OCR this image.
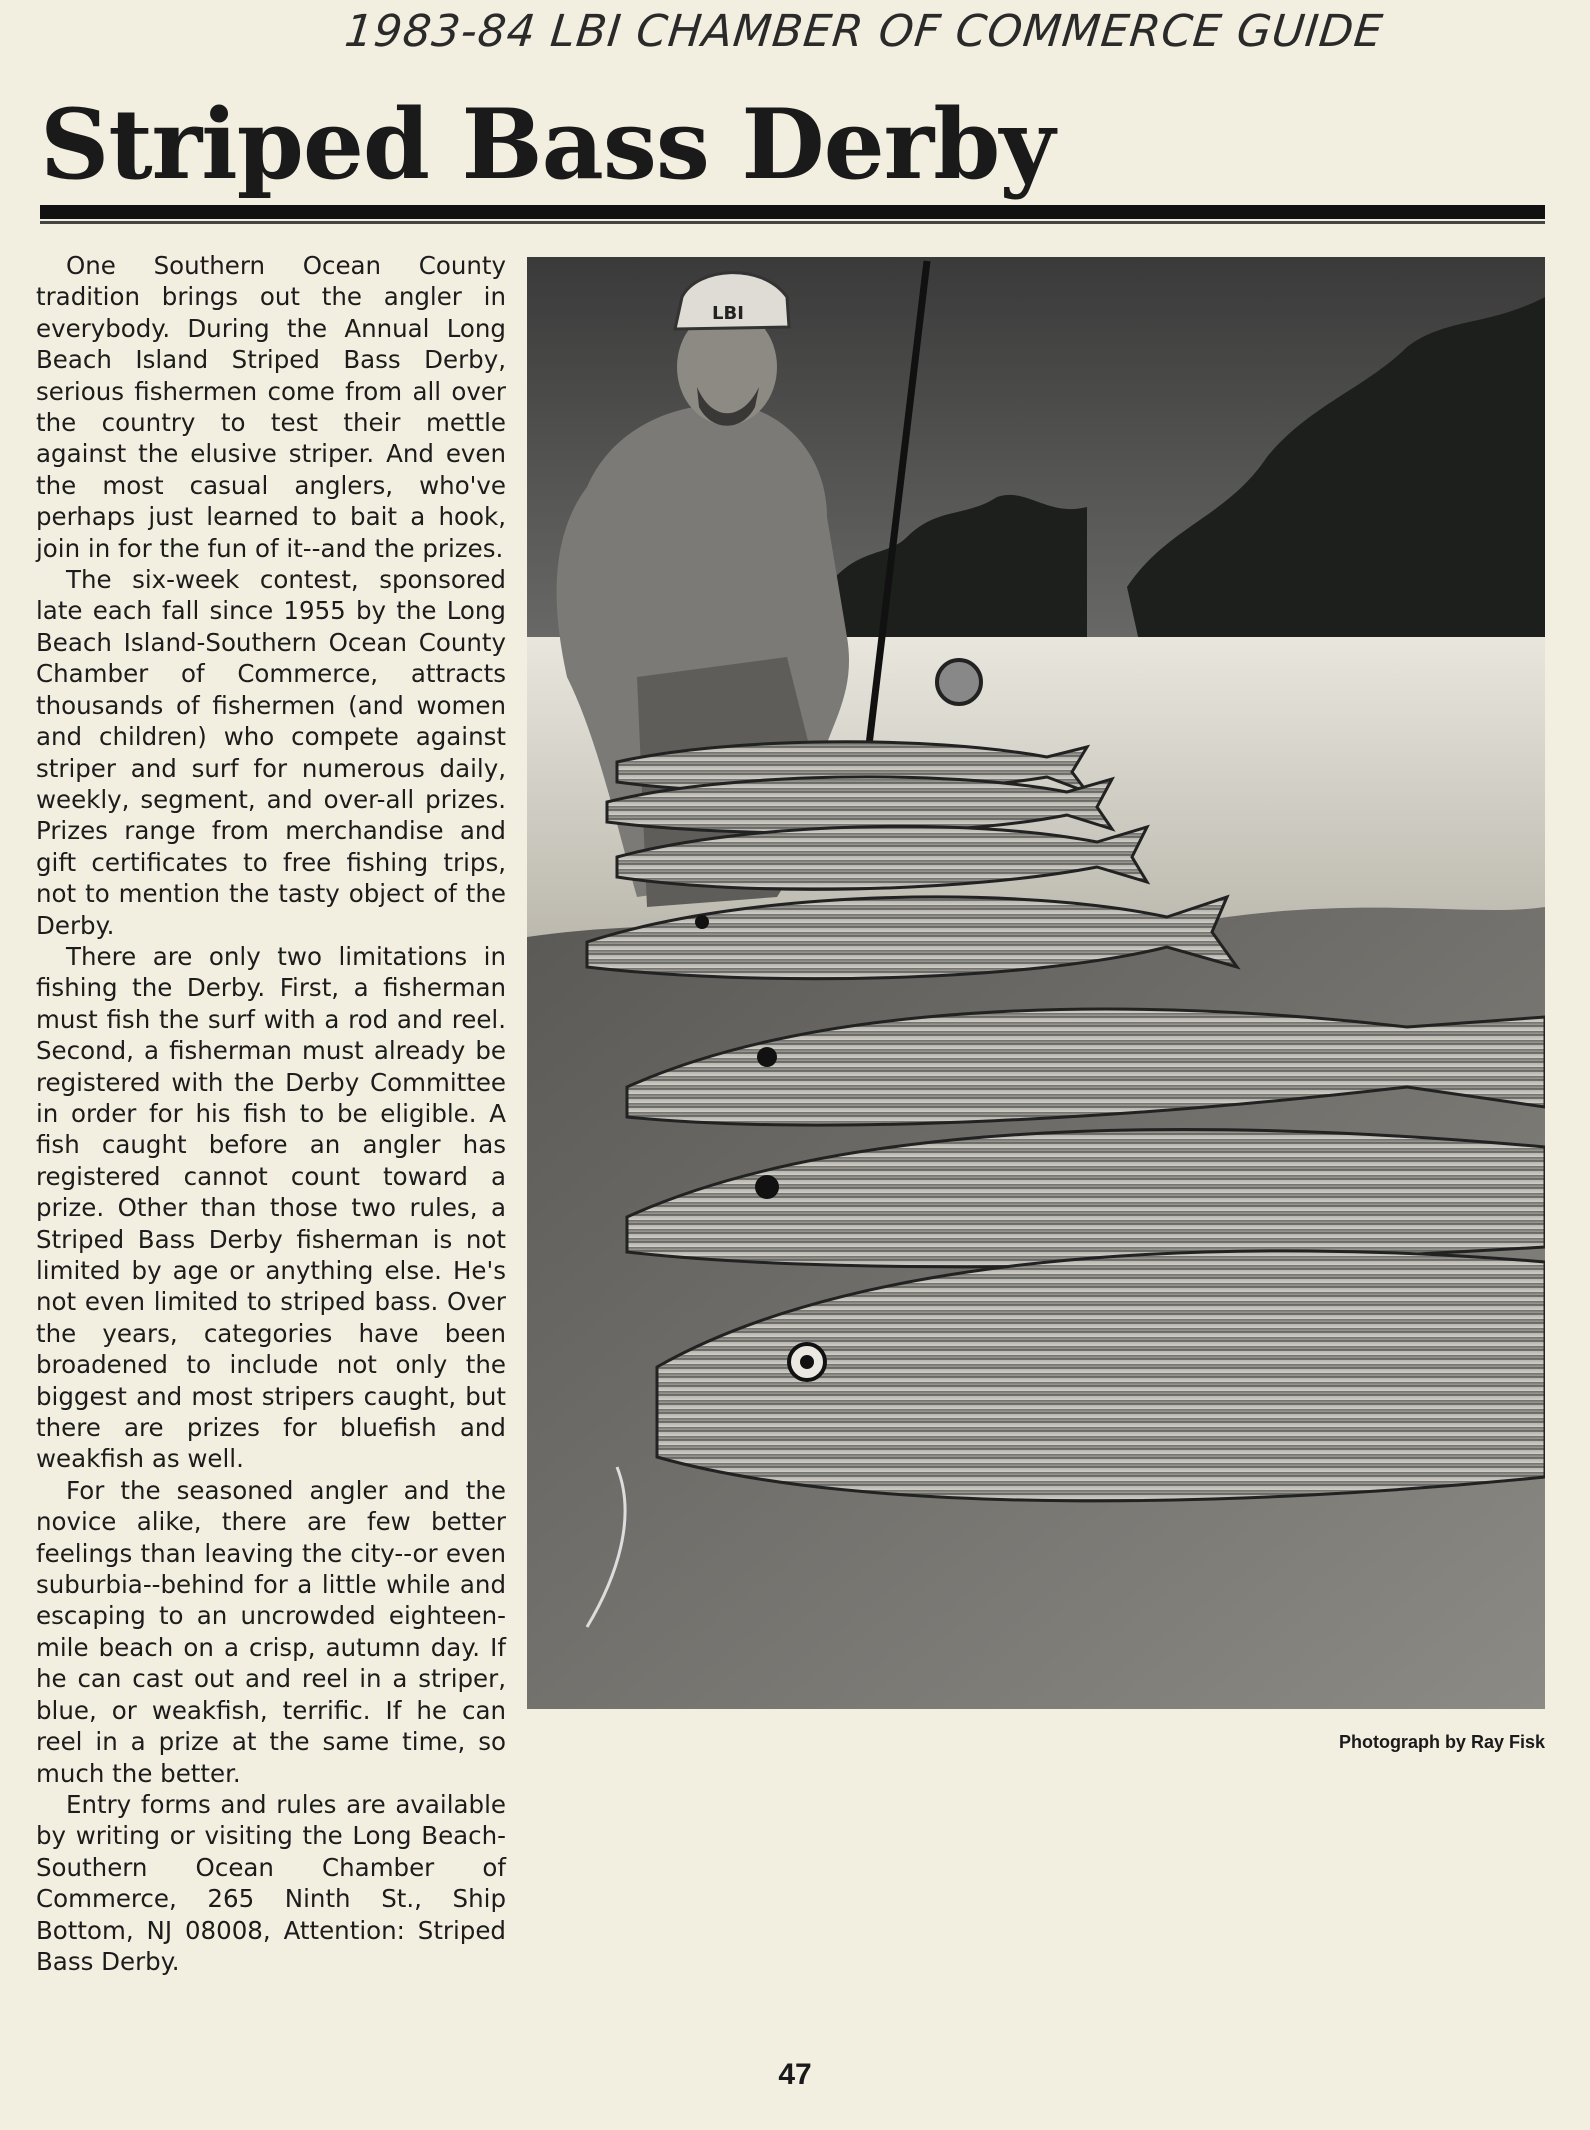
1983-84 LBI CHAMBER OF COMMERCE GUIDE
Striped Bass Derby

One Southern Ocean County tradition brings out the angler in everybody. During the Annual Long Beach Island Striped Bass Derby, serious fishermen come from all over the country to test their mettle against the elusive striper. And even the most casual anglers, who've perhaps just learned to bait a hook, join in for the fun of it--and the prizes.

The six-week contest, sponsored late each fall since 1955 by the Long Beach Island-Southern Ocean County Chamber of Commerce, attracts thousands of fishermen (and women and children) who compete against striper and surf for numerous daily, weekly, segment, and over-all prizes. Prizes range from merchandise and gift certificates to free fishing trips, not to mention the tasty object of the Derby.

There are only two limitations in fishing the Derby. First, a fisherman must fish the surf with a rod and reel. Second, a fisherman must already be registered with the Derby Committee in order for his fish to be eligible. A fish caught before an angler has registered cannot count toward a prize. Other than those two rules, a Striped Bass Derby fisherman is not limited by age or anything else. He's not even limited to striped bass. Over the years, categories have been broadened to include not only the biggest and most stripers caught, but there are prizes for bluefish and weakfish as well.

For the seasoned angler and the novice alike, there are few better feelings than leaving the city--or even suburbia--behind for a little while and escaping to an uncrowded eighteen-mile beach on a crisp, autumn day. If he can cast out and reel in a striper, blue, or weakfish, terrific. If he can reel in a prize at the same time, so much the better.

Entry forms and rules are available by writing or visiting the Long Beach-Southern Ocean Chamber of Commerce, 265 Ninth St., Ship Bottom, NJ 08008, Attention: Striped Bass Derby.

LBI
Photograph by Ray Fisk
47
